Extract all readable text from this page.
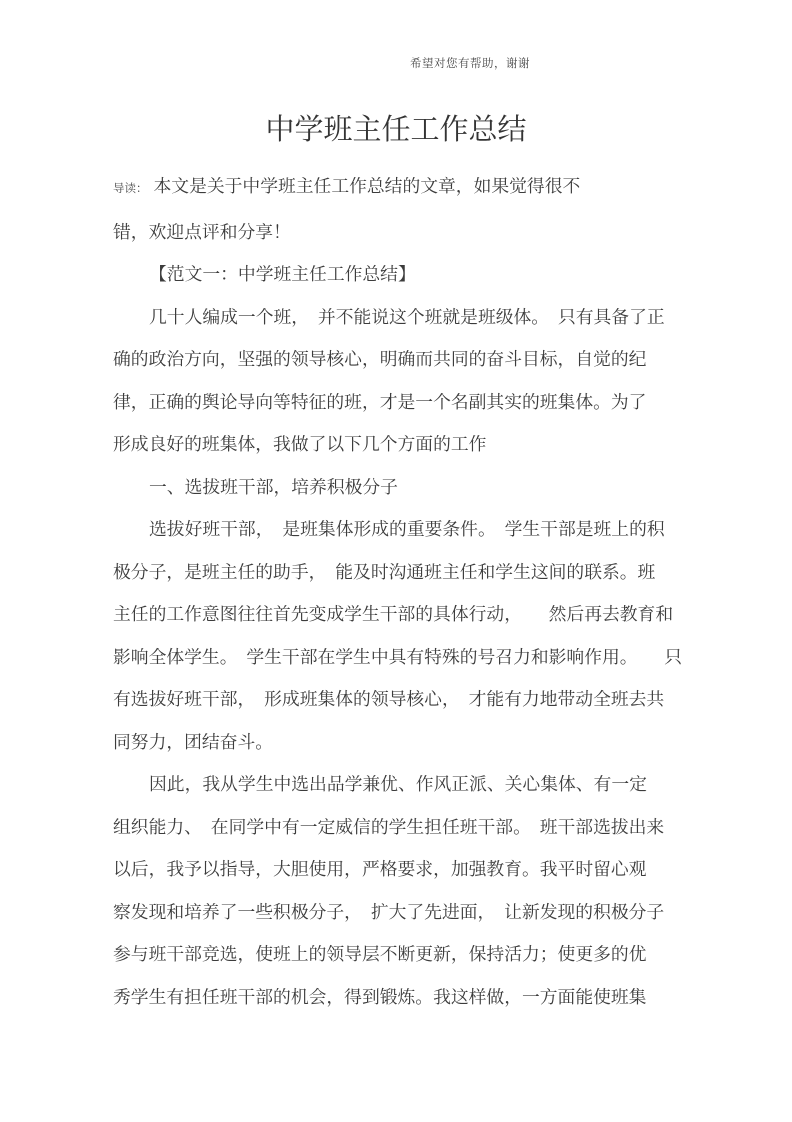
希望对您有帮助，谢谢
中学班主任工作总结
导读： 本文是关于中学班主任工作总结的文章，如果觉得很不
错，欢迎点评和分享！
【范文一：中学班主任工作总结】
几十人编成一个班，　并不能说这个班就是班级体。　只有具备了正
确的政治方向，坚强的领导核心，明确而共同的奋斗目标，自觉的纪
律，正确的舆论导向等特征的班，才是一个名副其实的班集体。为了
形成良好的班集体，我做了以下几个方面的工作
一、选拔班干部，培养积极分子
选拔好班干部，　是班集体形成的重要条件。　学生干部是班上的积
极分子，是班主任的助手，　能及时沟通班主任和学生这间的联系。班
主任的工作意图往往首先变成学生干部的具体行动，　　然后再去教育和
影响全体学生。　学生干部在学生中具有特殊的号召力和影响作用。　　只
有选拔好班干部，　形成班集体的领导核心，　才能有力地带动全班去共
同努力，团结奋斗。
因此，我从学生中选出品学兼优、作风正派、关心集体、有一定
组织能力、　在同学中有一定威信的学生担任班干部。　班干部选拔出来
以后，我予以指导，大胆使用，严格要求，加强教育。我平时留心观
察发现和培养了一些积极分子，　扩大了先进面，　让新发现的积极分子
参与班干部竞选，使班上的领导层不断更新，保持活力；使更多的优
秀学生有担任班干部的机会，得到锻炼。我这样做，一方面能使班集
